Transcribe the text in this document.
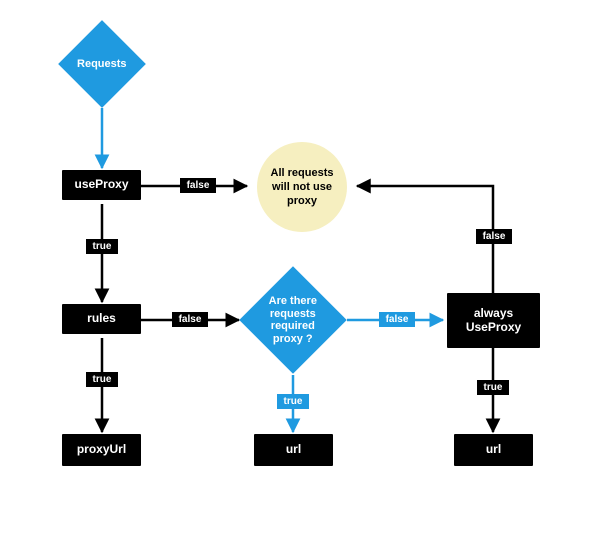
Requests
useProxy
All requests will not use proxy
rules
Are there requests required proxy ?
always UseProxy
proxyUrl	url	url
false
true
false
true
false
true
false
true
